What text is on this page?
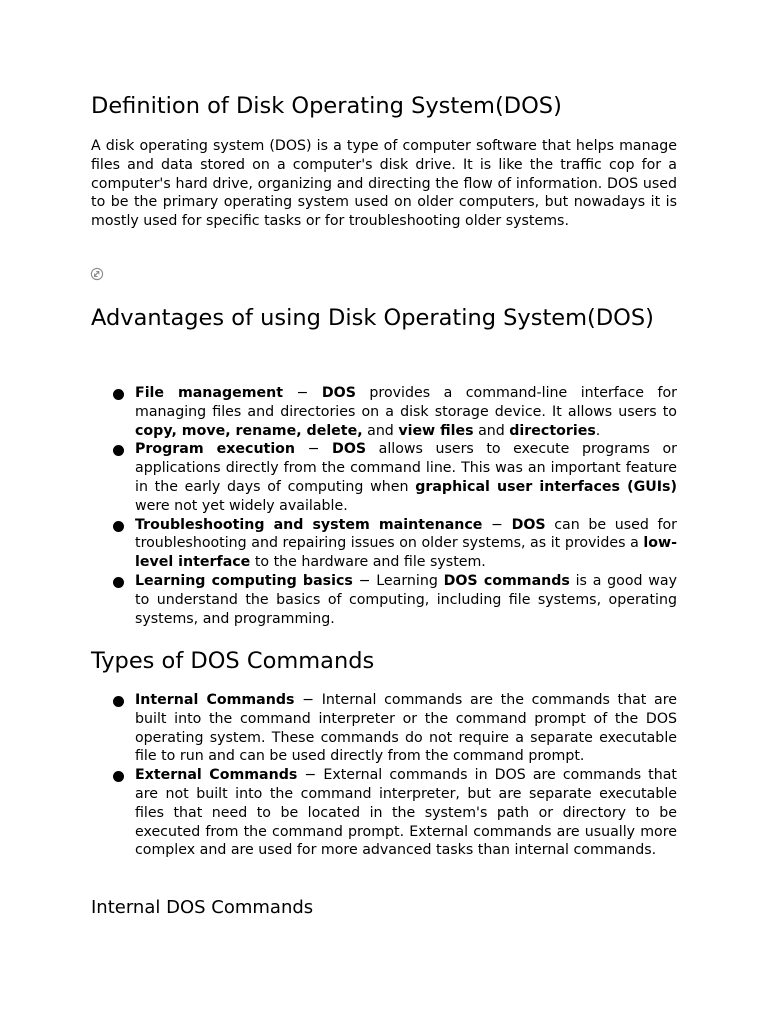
Definition of Disk Operating System(DOS)

A disk operating system (DOS) is a type of computer software that helps manage files and data stored on a computer's disk drive. It is like the traffic cop for a computer's hard drive, organizing and directing the flow of information. DOS used to be the primary operating system used on older computers, but nowadays it is mostly used for specific tasks or for troubleshooting older systems.

Advantages of using Disk Operating System(DOS)
File management − DOS provides a command-line interface for managing files and directories on a disk storage device. It allows users to copy, move, rename, delete, and view files and directories.
Program execution − DOS allows users to execute programs or applications directly from the command line. This was an important feature in the early days of computing when graphical user interfaces (GUIs) were not yet widely available.
Troubleshooting and system maintenance − DOS can be used for troubleshooting and repairing issues on older systems, as it provides a low-level interface to the hardware and file system.
Learning computing basics − Learning DOS commands is a good way to understand the basics of computing, including file systems, operating systems, and programming.
Types of DOS Commands
Internal Commands − Internal commands are the commands that are built into the command interpreter or the command prompt of the DOS operating system. These commands do not require a separate executable file to run and can be used directly from the command prompt.
External Commands − External commands in DOS are commands that are not built into the command interpreter, but are separate executable files that need to be located in the system's path or directory to be executed from the command prompt. External commands are usually more complex and are used for more advanced tasks than internal commands.
Internal DOS Commands
